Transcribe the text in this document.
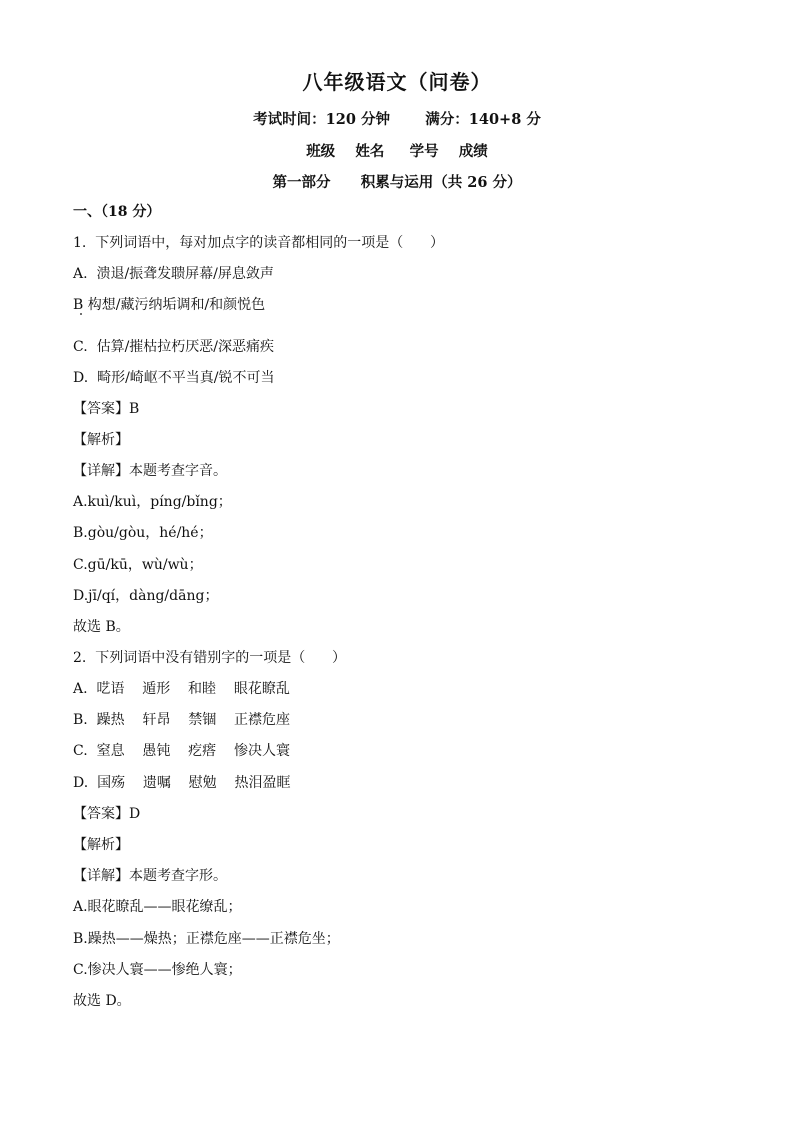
八年级语文（问卷）
考试时间：120 分钟       满分：140+8 分
班级    姓名     学号    成绩
第一部分      积累与运用（共 26 分）
一、（18 分）
1.  下列词语中，每对加点字的读音都相同的一项是（      ）
A.  溃退/振聋发聩屏幕/屏息敛声
B 构想/藏污纳垢调和/和颜悦色
C.  估算/摧枯拉朽厌恶/深恶痛疾
D.  畸形/崎岖不平当真/锐不可当
【答案】B
【解析】
【详解】本题考查字音。
A.kuì/kuì，píng/bǐng；
B.gòu/gòu，hé/hé；
C.gū/kū，wù/wù；
D.jī/qí，dàng/dāng；
故选 B。
2.  下列词语中没有错别字的一项是（      ）
A.  呓语    遁形    和睦    眼花瞭乱
B.  躁热    轩昂    禁锢    正襟危座
C.  窒息    愚钝    疙瘩    惨决人寰
D.  国殇    遗嘱    慰勉    热泪盈眶
【答案】D
【解析】
【详解】本题考查字形。
A.眼花瞭乱——眼花缭乱；
B.躁热——燥热；正襟危座——正襟危坐；
C.惨决人寰——惨绝人寰；
故选 D。
